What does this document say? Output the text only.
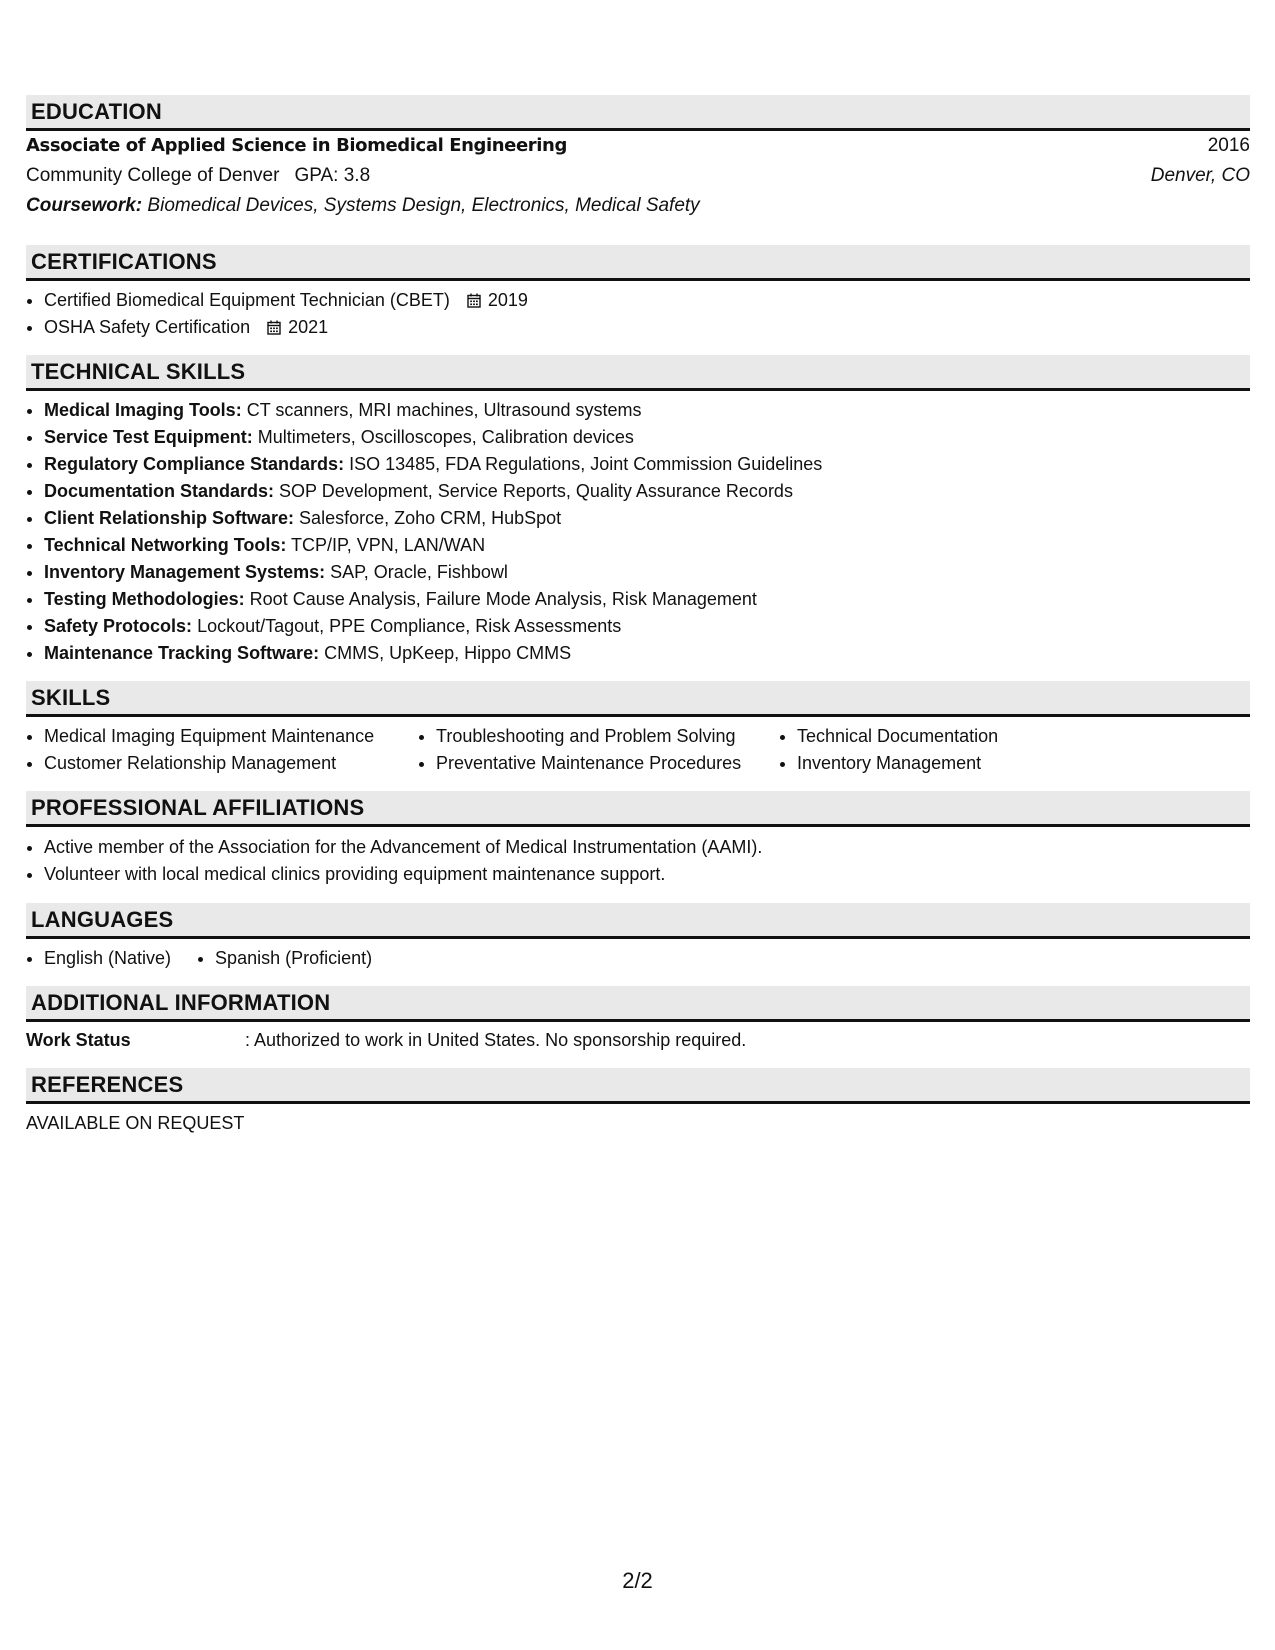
EDUCATION
Associate of Applied Science in Biomedical Engineering	2016
Community College of Denver GPA: 3.8	Denver, CO
Coursework: Biomedical Devices, Systems Design, Electronics, Medical Safety
CERTIFICATIONS
• Certified Biomedical Equipment Technician (CBET) 2019
• OSHA Safety Certification 2021
TECHNICAL SKILLS
• Medical Imaging Tools: CT scanners, MRI machines, Ultrasound systems
• Service Test Equipment: Multimeters, Oscilloscopes, Calibration devices
• Regulatory Compliance Standards: ISO 13485, FDA Regulations, Joint Commission Guidelines
• Documentation Standards: SOP Development, Service Reports, Quality Assurance Records
• Client Relationship Software: Salesforce, Zoho CRM, HubSpot
• Technical Networking Tools: TCP/IP, VPN, LAN/WAN
• Inventory Management Systems: SAP, Oracle, Fishbowl
• Testing Methodologies: Root Cause Analysis, Failure Mode Analysis, Risk Management
• Safety Protocols: Lockout/Tagout, PPE Compliance, Risk Assessments
• Maintenance Tracking Software: CMMS, UpKeep, Hippo CMMS
SKILLS
• Medical Imaging Equipment Maintenance
• Customer Relationship Management
• Troubleshooting and Problem Solving
• Preventative Maintenance Procedures
• Technical Documentation
• Inventory Management
PROFESSIONAL AFFILIATIONS
• Active member of the Association for the Advancement of Medical Instrumentation (AAMI).
• Volunteer with local medical clinics providing equipment maintenance support.
LANGUAGES
• English (Native)
• Spanish (Proficient)
ADDITIONAL INFORMATION
Work Status	: Authorized to work in United States. No sponsorship required.
REFERENCES
AVAILABLE ON REQUEST
2/2
